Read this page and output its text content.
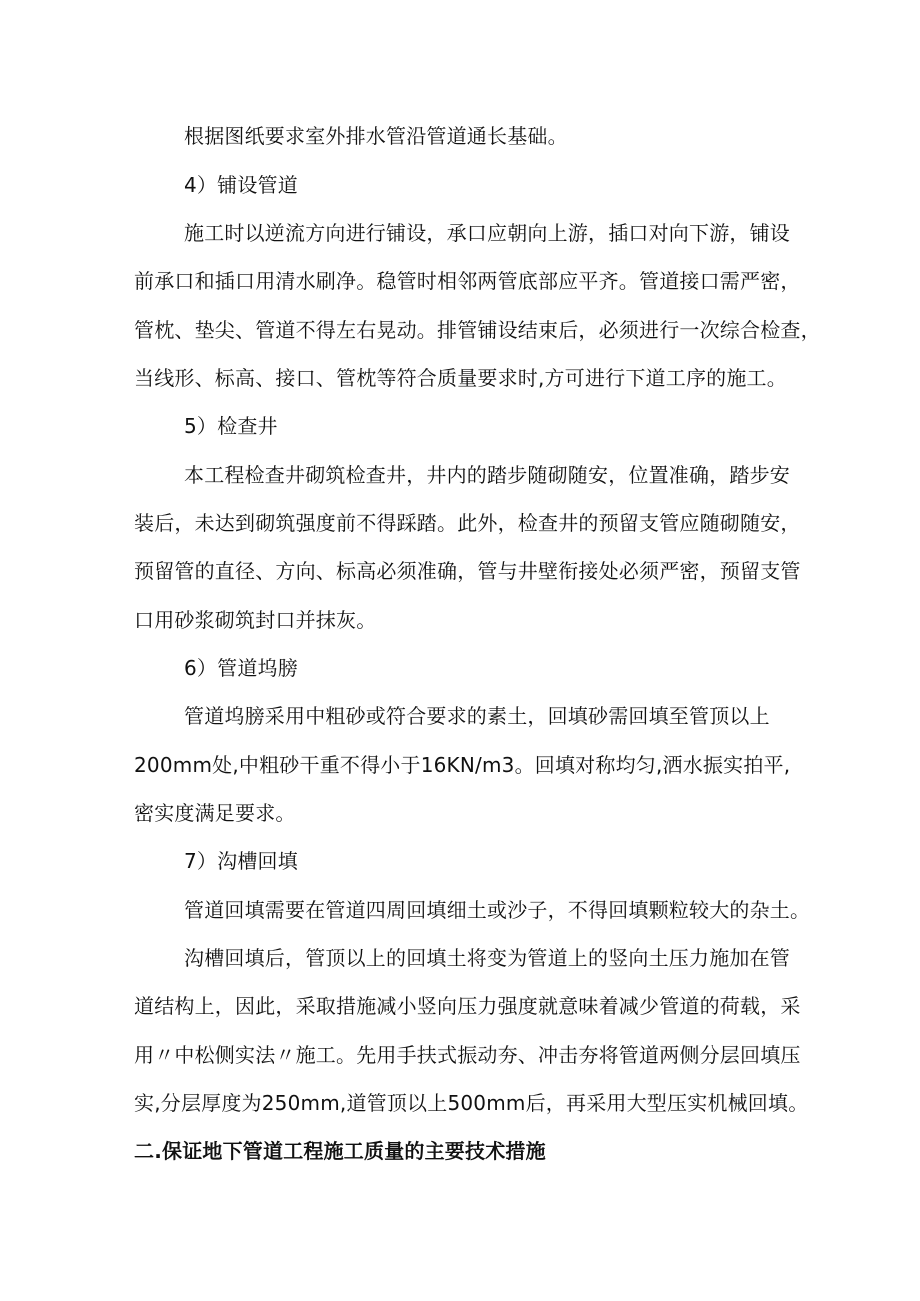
根据图纸要求室外排水管沿管道通长基础。
4）铺设管道
施工时以逆流方向进行铺设，承口应朝向上游，插口对向下游，铺设
前承口和插口用清水刷净。稳管时相邻两管底部应平齐。管道接口需严密，
管枕、垫尖、管道不得左右晃动。排管铺设结束后，必须进行一次综合检查，
当线形、标高、接口、管枕等符合质量要求时,方可进行下道工序的施工。
5）检查井
本工程检查井砌筑检查井，井内的踏步随砌随安，位置准确，踏步安
装后，未达到砌筑强度前不得踩踏。此外，检查井的预留支管应随砌随安，
预留管的直径、方向、标高必须准确，管与井壁衔接处必须严密，预留支管
口用砂浆砌筑封口并抹灰。
6）管道坞膀
管道坞膀采用中粗砂或符合要求的素土，回填砂需回填至管顶以上
200mm处,中粗砂干重不得小于16KN/m3。回填对称均匀,洒水振实拍平,
密实度满足要求。
7）沟槽回填
管道回填需要在管道四周回填细土或沙子，不得回填颗粒较大的杂土。
沟槽回填后，管顶以上的回填土将变为管道上的竖向土压力施加在管
道结构上，因此，采取措施减小竖向压力强度就意味着减少管道的荷载，采
用〃中松侧实法〃施工。先用手扶式振动夯、冲击夯将管道两侧分层回填压
实,分层厚度为250mm,道管顶以上500mm后，再采用大型压实机械回填。
二.保证地下管道工程施工质量的主要技术措施
